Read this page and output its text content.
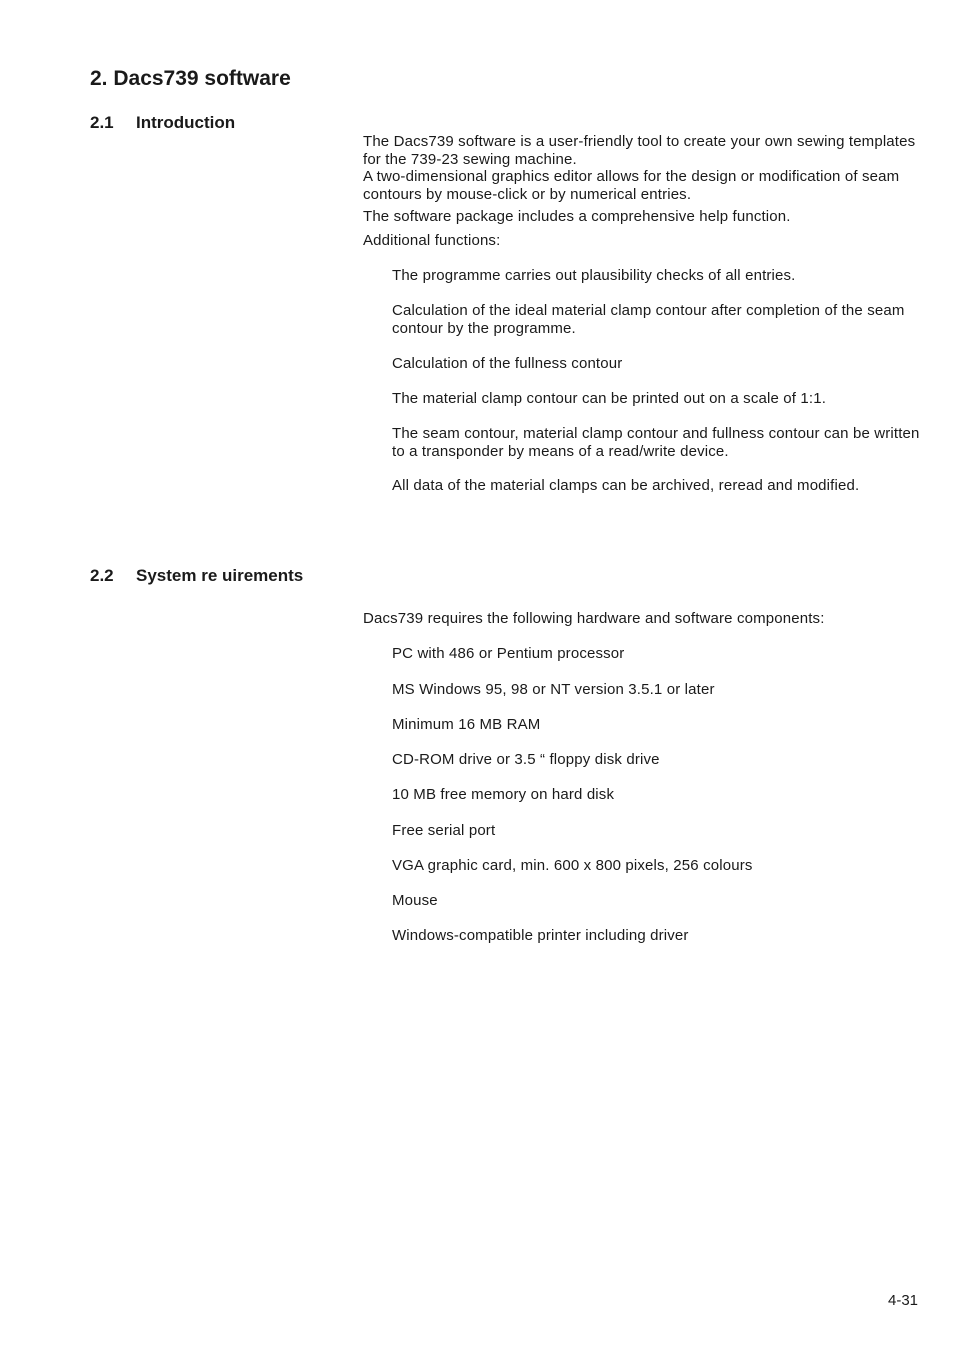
2. Dacs739 software
2.1 Introduction
The Dacs739 software is a user-friendly tool to create your own sewing templates for the 739-23 sewing machine.
A two-dimensional graphics editor allows for the design or modification of seam contours by mouse-click or by numerical entries.

The software package includes a comprehensive help function.

Additional functions:

The programme carries out plausibility checks of all entries.

Calculation of the ideal material clamp contour after completion of the seam contour by the programme.

Calculation of the fullness contour

The material clamp contour can be printed out on a scale of 1:1.

The seam contour, material clamp contour and fullness contour can be written to a transponder by means of a read/write device.

All data of the material clamps can be archived, reread and modified.

2.2 System re uirements

Dacs739 requires the following hardware and software components:

PC with 486 or Pentium processor

MS Windows 95, 98 or NT version 3.5.1 or later

Minimum 16 MB RAM

CD-ROM drive or 3.5 “ floppy disk drive

10 MB free memory on hard disk

Free serial port

VGA graphic card, min. 600 x 800 pixels, 256 colours

Mouse

Windows-compatible printer including driver

4-31
